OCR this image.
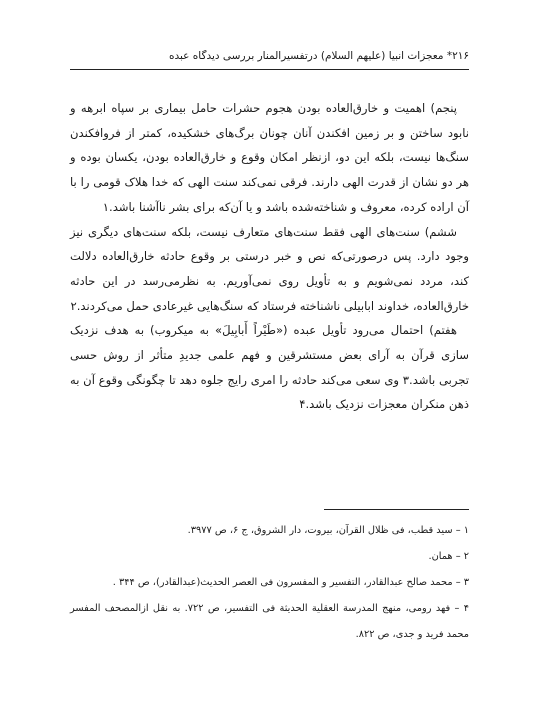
۲۱۶* معجزات انبیا (علیهم السلام) درتفسیرالمنار بررسی دیدگاه عبده

پنجم) اهمیت و خارق‌العاده بودن هجوم حشرات حامل بیماری بر سپاه ابرهه و نابود ساختن و بر زمین افکندن آنان چونان برگ‌های خشکیده، کمتر از فروافکندن سنگ‌ها نیست، بلکه این دو، ازنظر امکان وقوع و خارق‌العاده بودن، یکسان بوده و هر دو نشان از قدرت الهی دارند. فرقی نمی‌کند سنت الهی که خدا هلاک قومی را با آن اراده کرده، معروف و شناخته‌شده باشد و یا آن‌که برای بشر ناآشنا باشد.۱

ششم) سنت‌های الهی فقط سنت‌های متعارف نیست، بلکه سنت‌های دیگری نیز وجود دارد. پس درصورتی‌که نص و خبر درستی بر وقوع حادثه خارق‌العاده دلالت کند، مردد نمی‌شویم و به تأویل روی نمی‌آوریم. به نظرمی‌رسد در این حادثه خارق‌العاده، خداوند ابابیلی ناشناخته فرستاد که سنگ‌هایی غیرعادی حمل می‌کردند.۲

هفتم) احتمال می‌رود تأویل عبده («طَیْراً أَبابِیلَ» به میکروب) به هدف نزدیک سازی قرآن به آرای بعض مستشرقین و فهم علمی جدیدِ متأثر از روش حسی تجربی باشد.۳ وی سعی می‌کند حادثه را امری رایج جلوه دهد تا چگونگی وقوع آن به ذهن منکران معجزات نزدیک باشد.۴

۱ – سید قطب، فی ظلال القرآن، بیروت، دار الشروق، ج ۶، ص ۳۹۷۷.

۲ – همان.

۳ – محمد صالح عبدالقادر، التفسیر و المفسرون فی العصر الحدیث(عبدالقادر)، ص ۳۴۴ .

۴ – فهد رومی، منهج المدرسة العقلیة الحدیثة فی التفسیر، ص ۷۲۲. به نقل ازالمصحف المفسر محمد فرید و جدی، ص ۸۲۲.
